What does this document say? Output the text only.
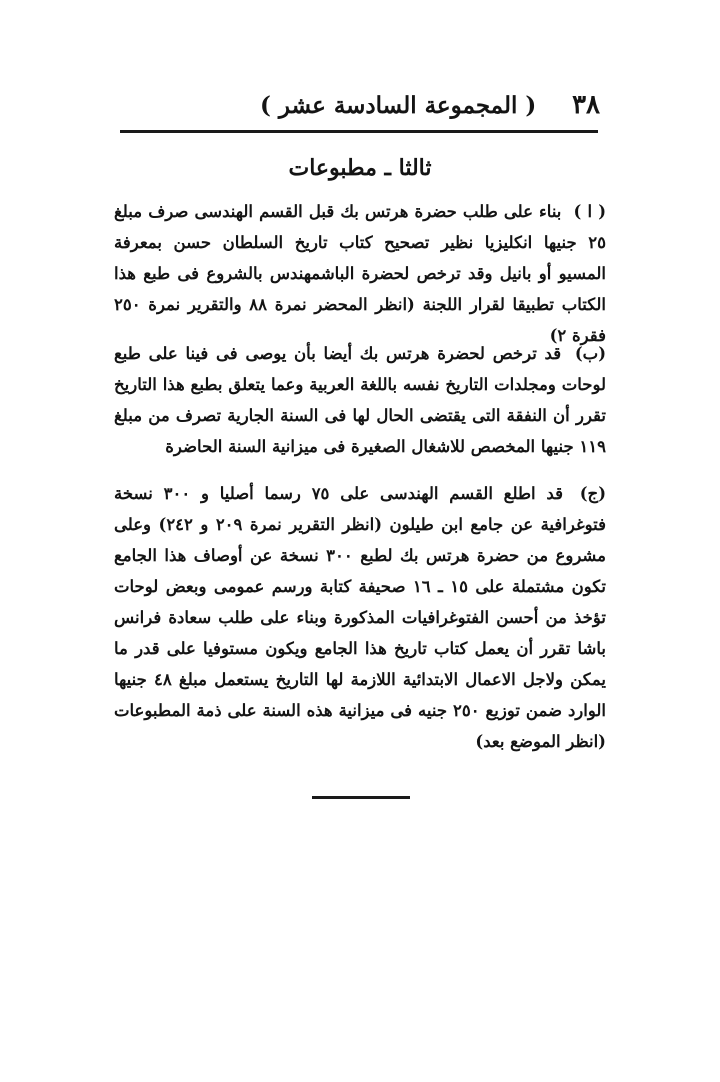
٣٨
( المجموعة السادسة عشر )
ثالثا ـ مطبوعات

( ا ) بناء على طلب حضرة هرتس بك قبل القسم الهندسى صرف مبلغ ٢٥ جنيها انكليزيا نظير تصحيح كتاب تاريخ السلطان حسن بمعرفة المسيو أو بانيل وقد ترخص لحضرة الباشمهندس بالشروع فى طبع هذا الكتاب تطبيقا لقرار اللجنة (انظر المحضر نمرة ٨٨ والتقرير نمرة ٢٥٠ فقرة ٢)

(ب) قد ترخص لحضرة هرتس بك أيضا بأن يوصى فى فينا على طبع لوحات ومجلدات التاريخ نفسه باللغة العربية وعما يتعلق بطبع هذا التاريخ تقرر أن النفقة التى يقتضى الحال لها فى السنة الجارية تصرف من مبلغ ١١٩ جنيها المخصص للاشغال الصغيرة فى ميزانية السنة الحاضرة

(ج) قد اطلع القسم الهندسى على ٧٥ رسما أصليا و ٣٠٠ نسخة فتوغرافية عن جامع ابن طيلون (انظر التقرير نمرة ٢٠٩ و ٢٤٢) وعلى مشروع من حضرة هرتس بك لطبع ٣٠٠ نسخة عن أوصاف هذا الجامع تكون مشتملة على ١٥ ـ ١٦ صحيفة كتابة ورسم عمومى وبعض لوحات تؤخذ من أحسن الفتوغرافيات المذكورة وبناء على طلب سعادة فرانس باشا تقرر أن يعمل كتاب تاريخ هذا الجامع ويكون مستوفيا على قدر ما يمكن ولاجل الاعمال الابتدائية اللازمة لها التاريخ يستعمل مبلغ ٤٨ جنيها الوارد ضمن توزيع ٢٥٠ جنيه فى ميزانية هذه السنة على ذمة المطبوعات (انظر الموضع بعد)
